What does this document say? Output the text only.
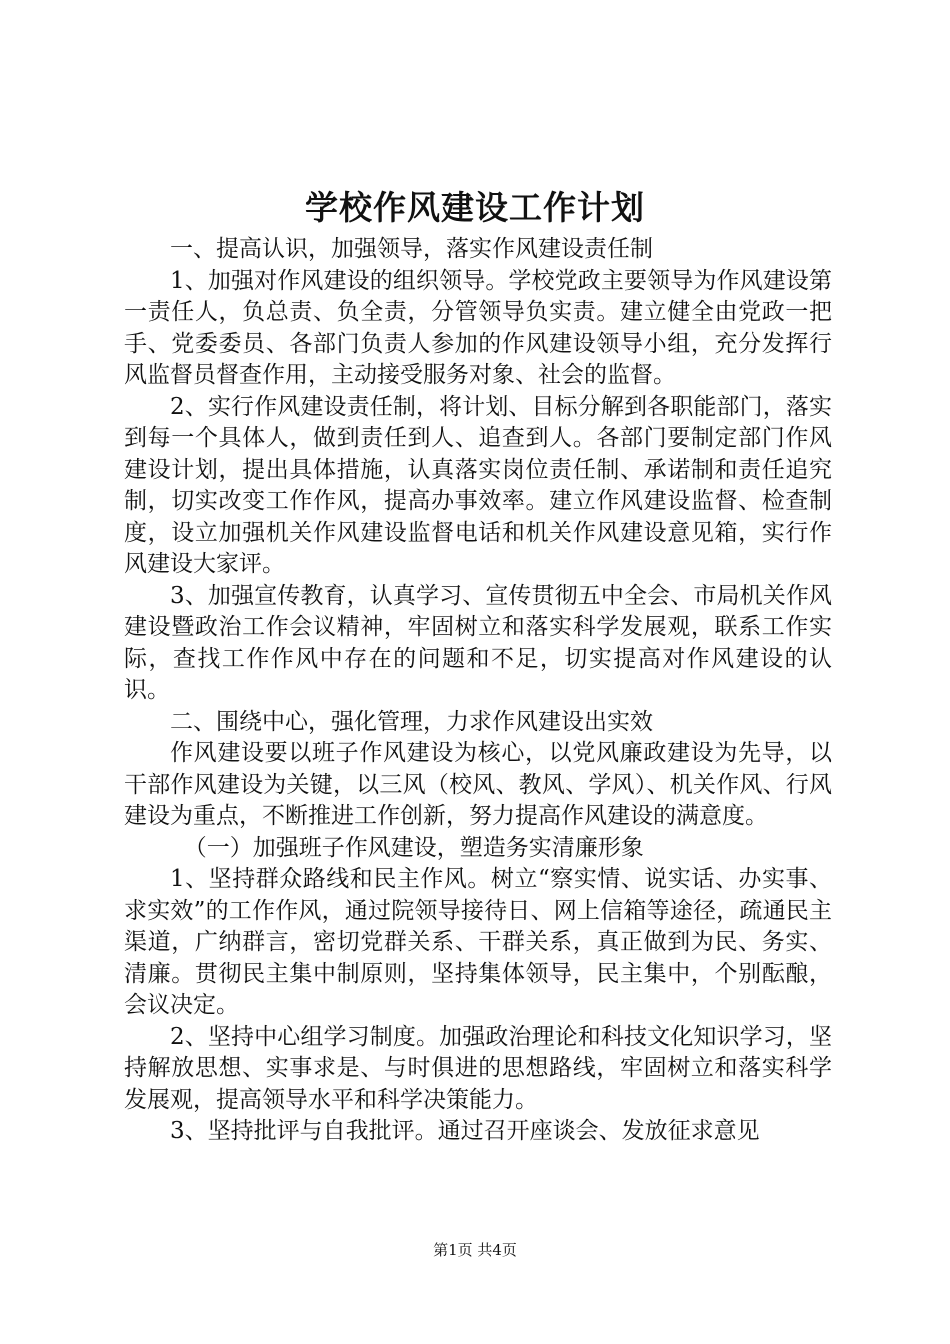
学校作风建设工作计划

一、提高认识，加强领导，落实作风建设责任制

1、加强对作风建设的组织领导。学校党政主要领导为作风建设第一责任人，负总责、负全责，分管领导负实责。建立健全由党政一把手、党委委员、各部门负责人参加的作风建设领导小组，充分发挥行风监督员督查作用，主动接受服务对象、社会的监督。

2、实行作风建设责任制，将计划、目标分解到各职能部门，落实到每一个具体人，做到责任到人、追查到人。各部门要制定部门作风建设计划，提出具体措施，认真落实岗位责任制、承诺制和责任追究制，切实改变工作作风，提高办事效率。建立作风建设监督、检查制度，设立加强机关作风建设监督电话和机关作风建设意见箱，实行作风建设大家评。

3、加强宣传教育，认真学习、宣传贯彻五中全会、市局机关作风建设暨政治工作会议精神，牢固树立和落实科学发展观，联系工作实际，查找工作作风中存在的问题和不足，切实提高对作风建设的认识。

二、围绕中心，强化管理，力求作风建设出实效

作风建设要以班子作风建设为核心，以党风廉政建设为先导，以干部作风建设为关键，以三风（校风、教风、学风）、机关作风、行风建设为重点，不断推进工作创新，努力提高作风建设的满意度。

（一）加强班子作风建设，塑造务实清廉形象

1、坚持群众路线和民主作风。树立“察实情、说实话、办实事、求实效”的工作作风，通过院领导接待日、网上信箱等途径，疏通民主渠道，广纳群言，密切党群关系、干群关系，真正做到为民、务实、清廉。贯彻民主集中制原则，坚持集体领导，民主集中，个别酝酿，会议决定。

2、坚持中心组学习制度。加强政治理论和科技文化知识学习，坚持解放思想、实事求是、与时俱进的思想路线，牢固树立和落实科学发展观，提高领导水平和科学决策能力。

3、坚持批评与自我批评。通过召开座谈会、发放征求意见

第1页 共4页
